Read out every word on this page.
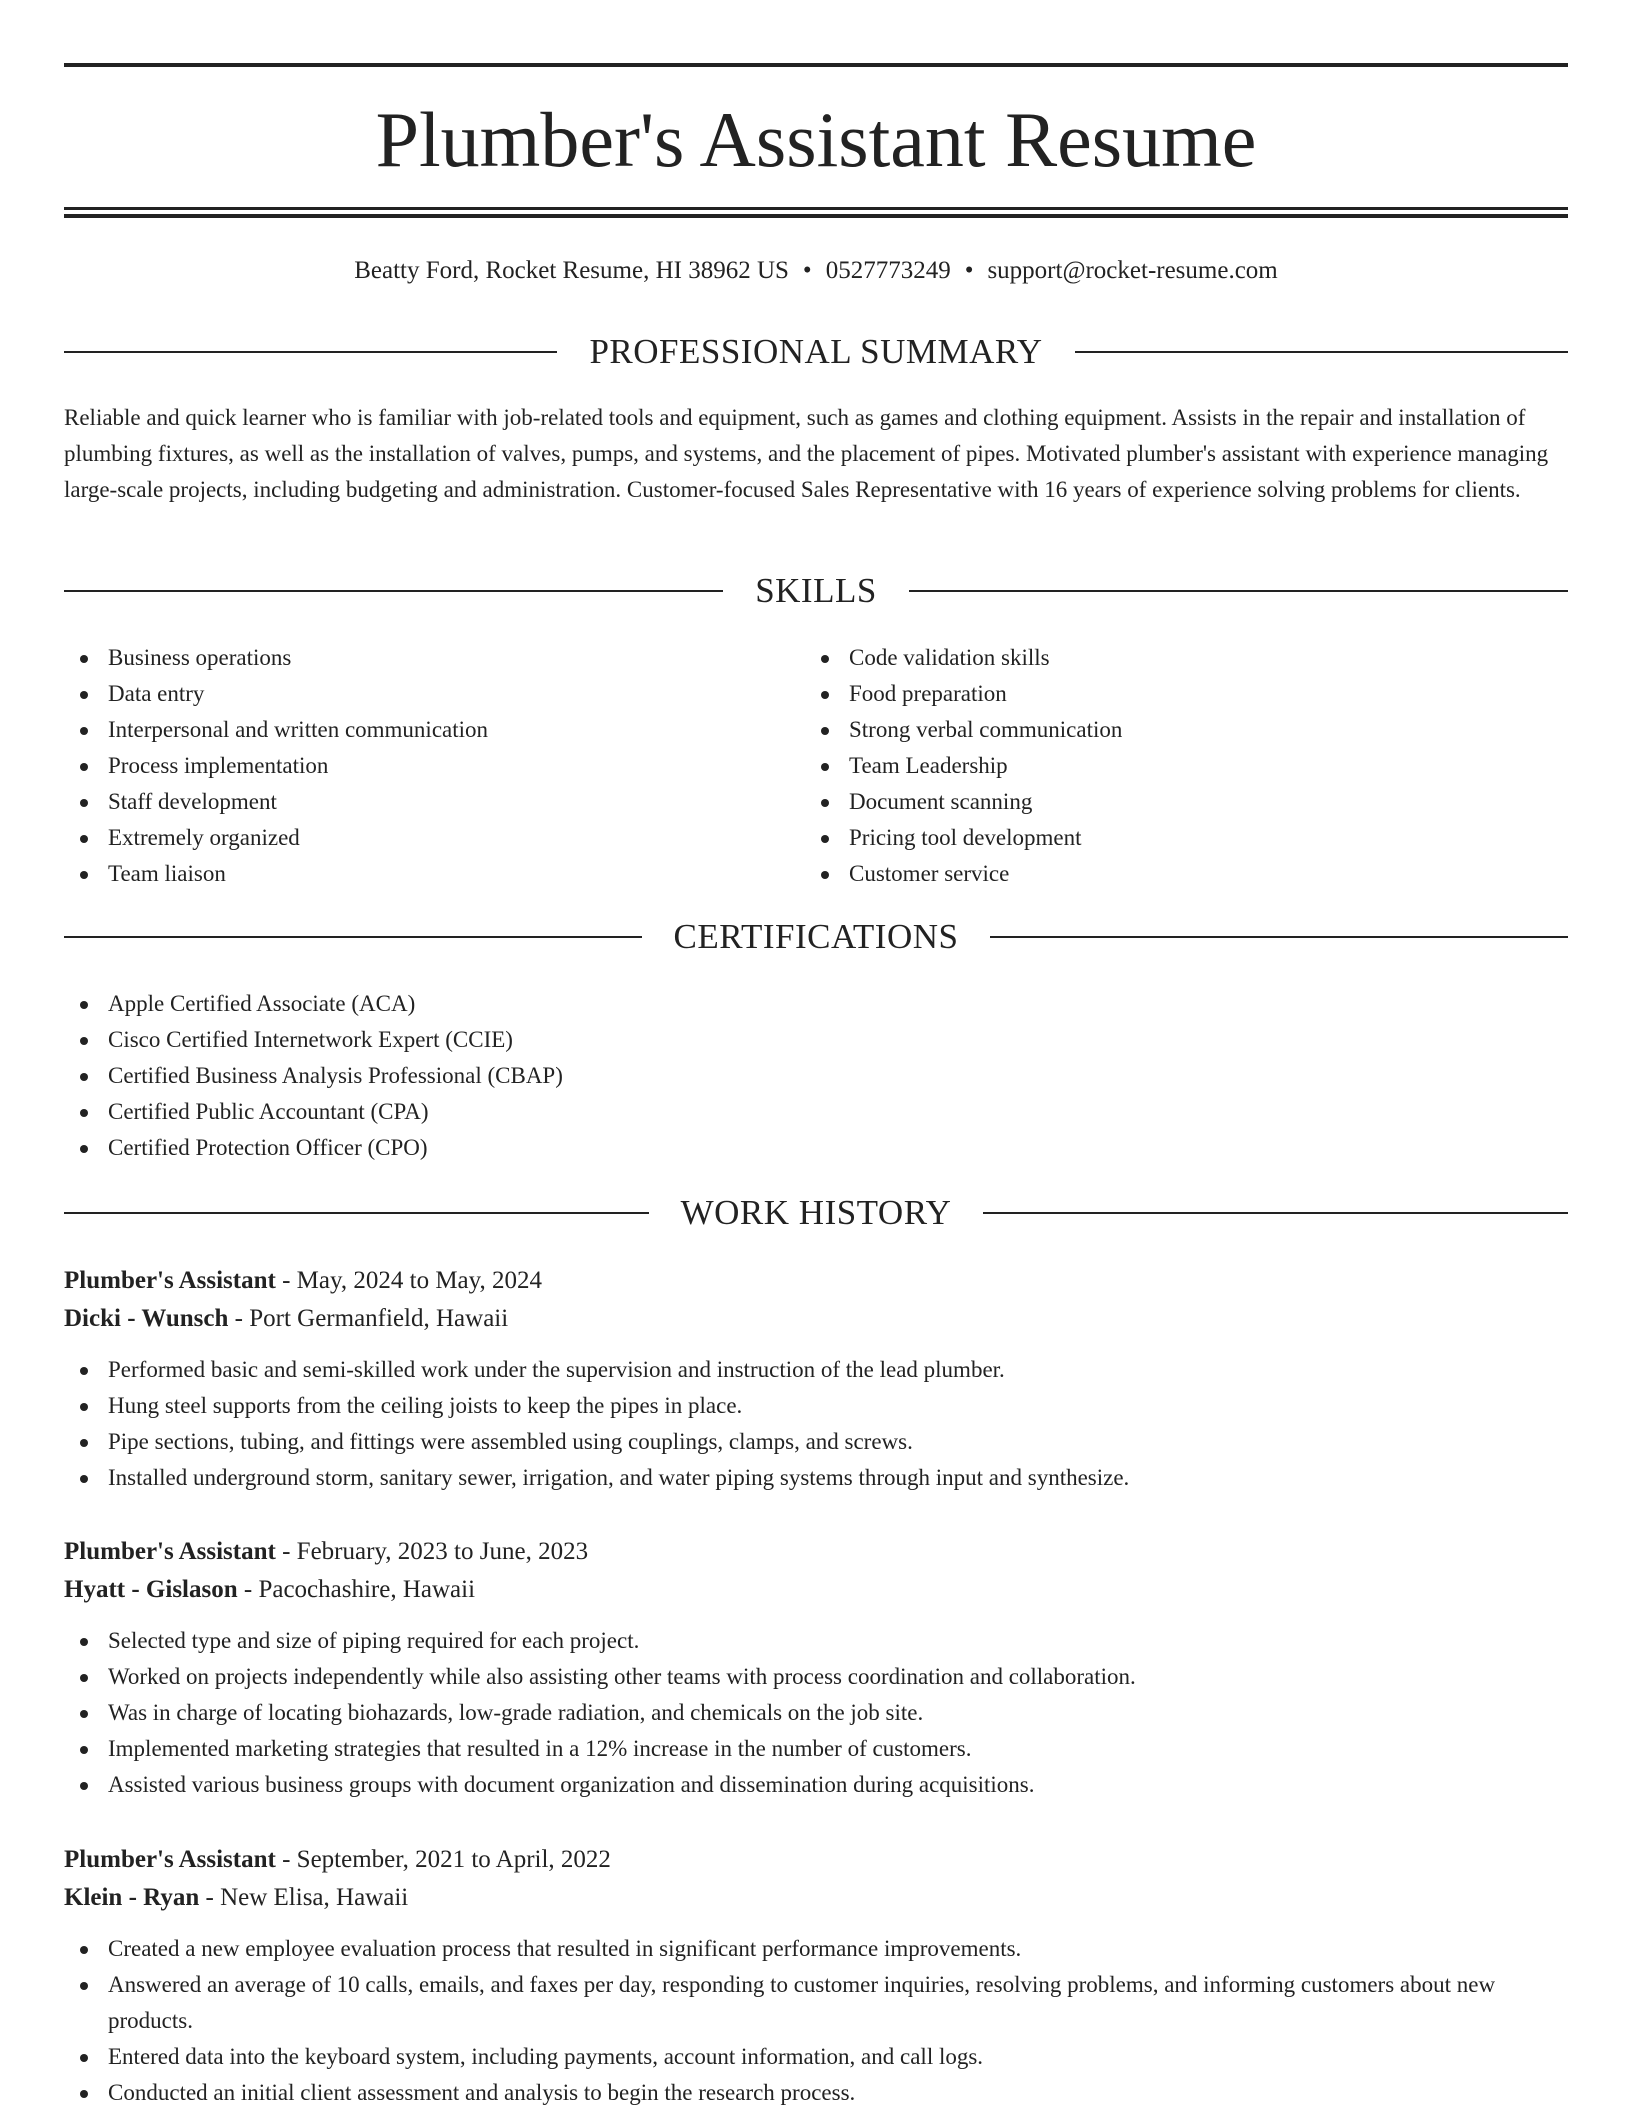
Plumber's Assistant Resume
Beatty Ford, Rocket Resume, HI 38962 US • 0527773249 • support@rocket-resume.com
PROFESSIONAL SUMMARY

Reliable and quick learner who is familiar with job-related tools and equipment, such as games and clothing equipment. Assists in the repair and installation of plumbing fixtures, as well as the installation of valves, pumps, and systems, and the placement of pipes. Motivated plumber's assistant with experience managing large-scale projects, including budgeting and administration. Customer-focused Sales Representative with 16 years of experience solving problems for clients.

SKILLS
Business operations
Data entry
Interpersonal and written communication
Process implementation
Staff development
Extremely organized
Team liaison
Code validation skills
Food preparation
Strong verbal communication
Team Leadership
Document scanning
Pricing tool development
Customer service
CERTIFICATIONS
Apple Certified Associate (ACA)
Cisco Certified Internetwork Expert (CCIE)
Certified Business Analysis Professional (CBAP)
Certified Public Accountant (CPA)
Certified Protection Officer (CPO)
WORK HISTORY
Plumber's Assistant - May, 2024 to May, 2024
Dicki - Wunsch - Port Germanfield, Hawaii
Performed basic and semi-skilled work under the supervision and instruction of the lead plumber.
Hung steel supports from the ceiling joists to keep the pipes in place.
Pipe sections, tubing, and fittings were assembled using couplings, clamps, and screws.
Installed underground storm, sanitary sewer, irrigation, and water piping systems through input and synthesize.
Plumber's Assistant - February, 2023 to June, 2023
Hyatt - Gislason - Pacochashire, Hawaii
Selected type and size of piping required for each project.
Worked on projects independently while also assisting other teams with process coordination and collaboration.
Was in charge of locating biohazards, low-grade radiation, and chemicals on the job site.
Implemented marketing strategies that resulted in a 12% increase in the number of customers.
Assisted various business groups with document organization and dissemination during acquisitions.
Plumber's Assistant - September, 2021 to April, 2022
Klein - Ryan - New Elisa, Hawaii
Created a new employee evaluation process that resulted in significant performance improvements.
Answered an average of 10 calls, emails, and faxes per day, responding to customer inquiries, resolving problems, and informing customers about new products.
Entered data into the keyboard system, including payments, account information, and call logs.
Conducted an initial client assessment and analysis to begin the research process.
